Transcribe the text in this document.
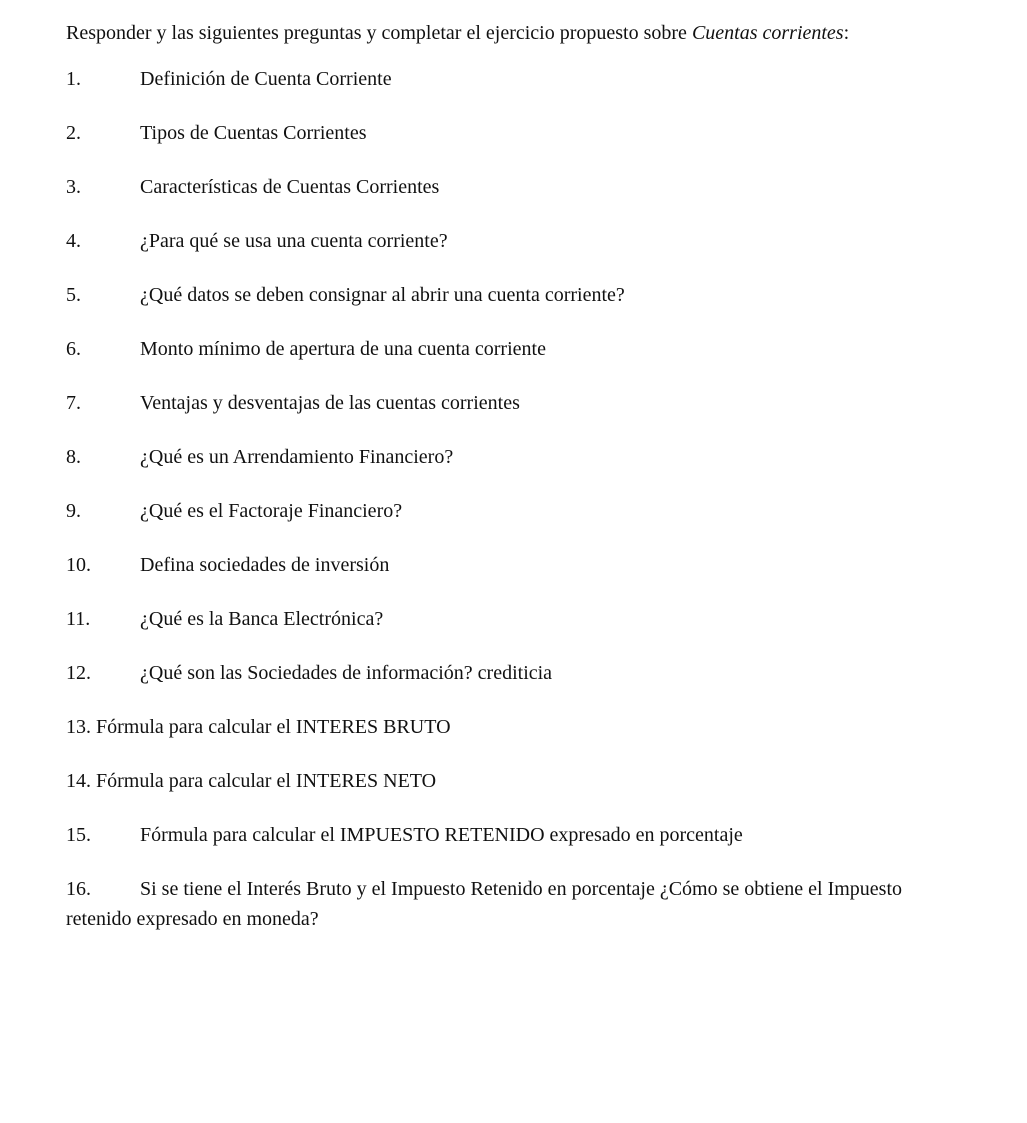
Responder y las siguientes preguntas y completar el ejercicio propuesto sobre Cuentas corrientes:

1.	Definición de Cuenta Corriente
2.	Tipos de Cuentas Corrientes
3.	Características de Cuentas Corrientes
4.	¿Para qué se usa una cuenta corriente?
5.	¿Qué datos se deben consignar al abrir una cuenta corriente?
6.	Monto mínimo de apertura de una cuenta corriente
7.	Ventajas y desventajas de las cuentas corrientes
8.	¿Qué es un Arrendamiento Financiero?
9.	¿Qué es el Factoraje Financiero?
10. Defina sociedades de inversión
11. ¿Qué es la Banca Electrónica?
12. ¿Qué son las Sociedades de información? crediticia
13. Fórmula para calcular el INTERES BRUTO
14. Fórmula para calcular el INTERES NETO
15. Fórmula para calcular el IMPUESTO RETENIDO expresado en porcentaje
16. Si se tiene el Interés Bruto y el Impuesto Retenido en porcentaje ¿Cómo se obtiene el Impuesto retenido expresado en moneda?
